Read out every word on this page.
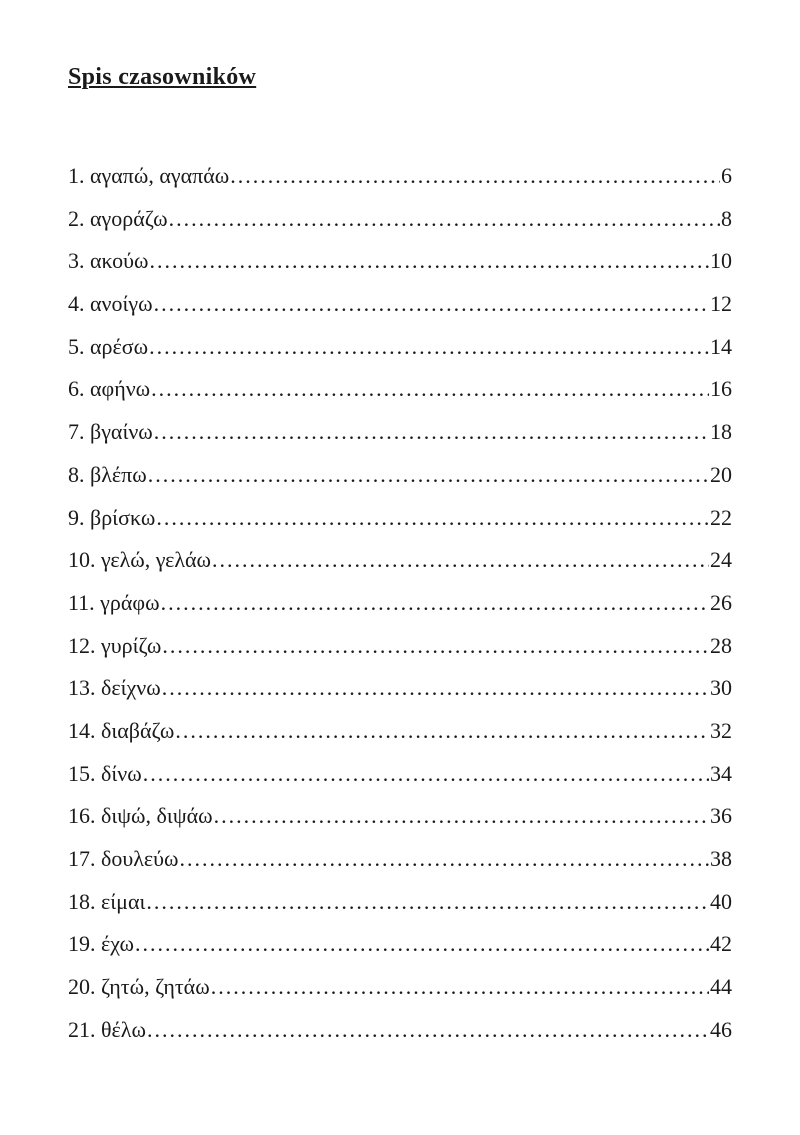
Spis czasowników
1. αγαπώ, αγαπάω .....	6
2. αγοράζω .....	8
3. ακούω .....	10
4. ανοίγω .....	12
5. αρέσω .....	14
6. αφήνω .....	16
7. βγαίνω .....	18
8. βλέπω .....	20
9. βρίσκω .....	22
10. γελώ, γελάω .....	24
11. γράφω .....	26
12. γυρίζω .....	28
13. δείχνω .....	30
14. διαβάζω .....	32
15. δίνω .....	34
16. διψώ, διψάω .....	36
17. δουλεύω .....	38
18. είμαι .....	40
19. έχω .....	42
20. ζητώ, ζητάω .....	44
21. θέλω .....	46
